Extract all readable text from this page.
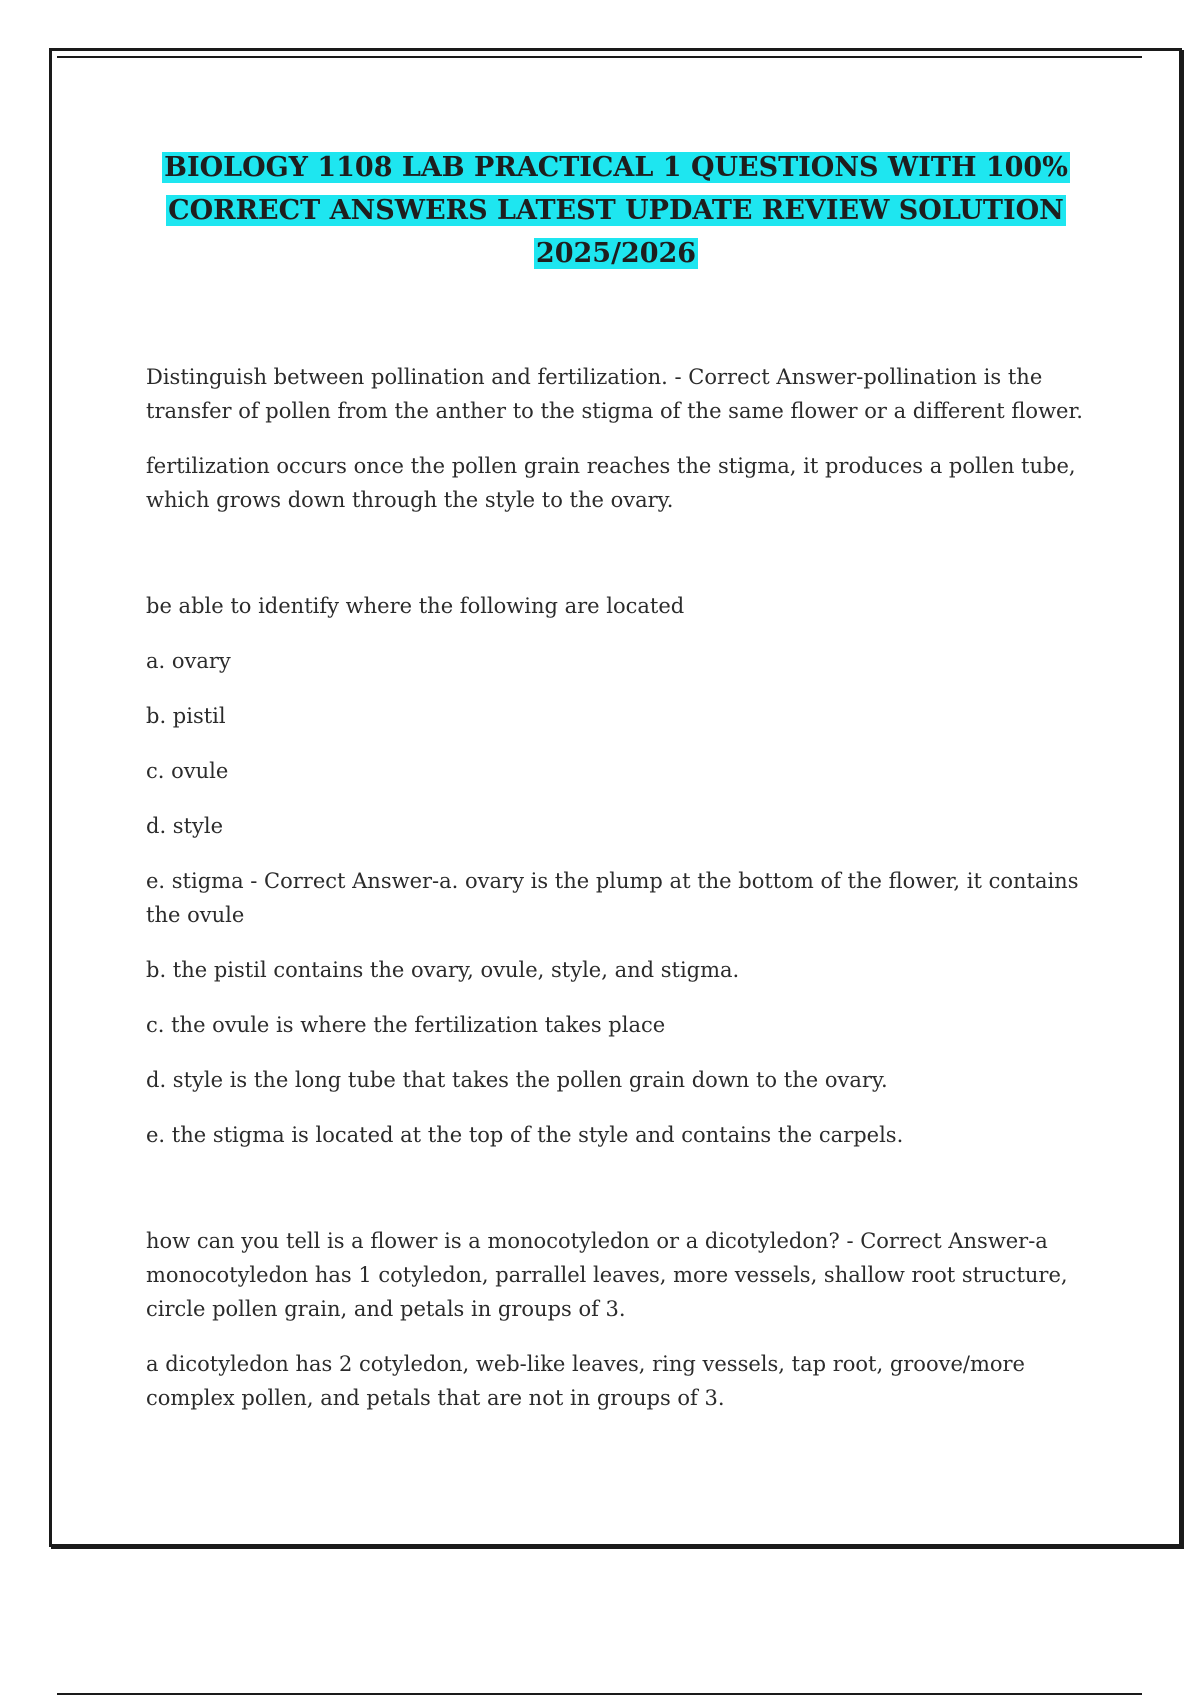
BIOLOGY 1108 LAB PRACTICAL 1 QUESTIONS WITH 100%
CORRECT ANSWERS LATEST UPDATE REVIEW SOLUTION
2025/2026

Distinguish between pollination and fertilization. - Correct Answer-pollination is the transfer of pollen from the anther to the stigma of the same flower or a different flower.

fertilization occurs once the pollen grain reaches the stigma, it produces a pollen tube, which grows down through the style to the ovary.

be able to identify where the following are located

a. ovary

b. pistil

c. ovule

d. style

e. stigma - Correct Answer-a. ovary is the plump at the bottom of the flower, it contains the ovule

b. the pistil contains the ovary, ovule, style, and stigma.

c. the ovule is where the fertilization takes place

d. style is the long tube that takes the pollen grain down to the ovary.

e. the stigma is located at the top of the style and contains the carpels.

how can you tell is a flower is a monocotyledon or a dicotyledon? - Correct Answer-a monocotyledon has 1 cotyledon, parrallel leaves, more vessels, shallow root structure, circle pollen grain, and petals in groups of 3.

a dicotyledon has 2 cotyledon, web-like leaves, ring vessels, tap root, groove/more complex pollen, and petals that are not in groups of 3.
